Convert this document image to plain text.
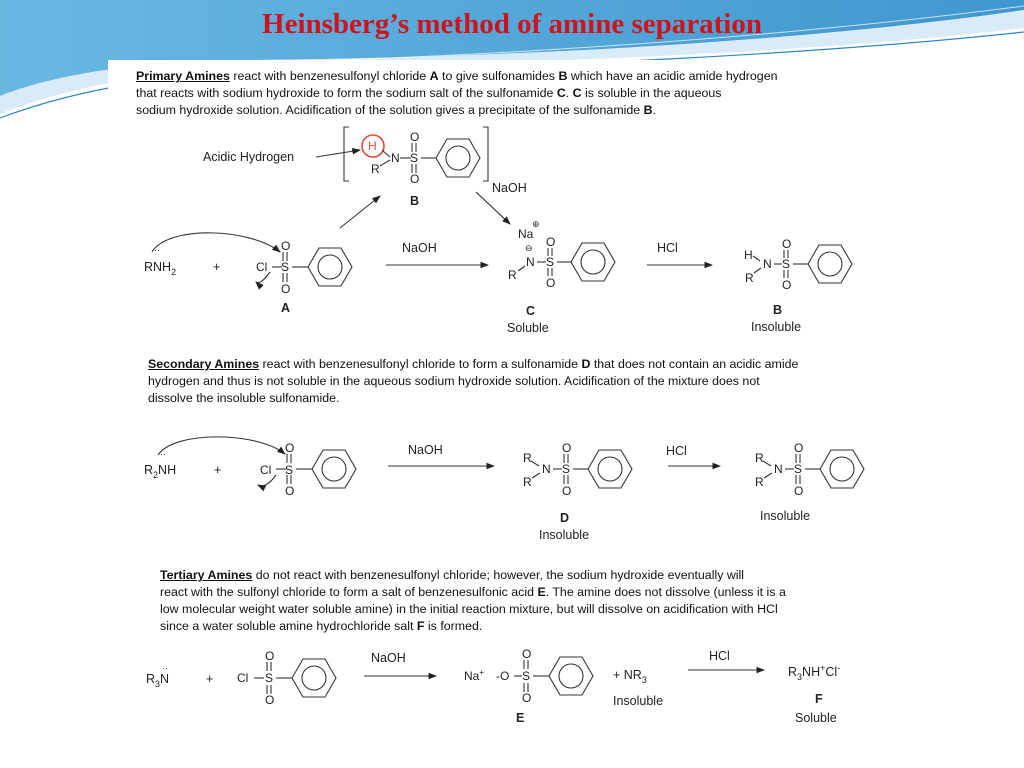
Heinsberg’s method of amine separation
Primary Amines react with benzenesulfonyl chloride A to give sulfonamides B which have an acidic amide hydrogen
that reacts with sodium hydroxide to form the sodium salt of the sulfonamide C. C is soluble in the aqueous
sodium hydroxide solution. Acidification of the solution gives a precipitate of the sulfonamide B.
Secondary Amines react with benzenesulfonyl chloride to form a sulfonamide D that does not contain an acidic amide
hydrogen and thus is not soluble in the aqueous sodium hydroxide solution. Acidification of the mixture does not
dissolve the insoluble sulfonamide.
Tertiary Amines do not react with benzenesulfonyl chloride; however, the sodium hydroxide eventually will
react with the sulfonyl chloride to form a salt of benzenesulfonic acid E. The amine does not dissolve (unless it is a
low molecular weight water soluble amine) in the initial reaction mixture, but will dissolve on acidification with HCl
since a water soluble amine hydrochloride salt F is formed.
Acidic Hydrogen
H
N
R
S
O
O
B
NaOH
··
$RNH_2$	+	Cl S
O
O
A
NaOH
⊕
Na
⊖
N
R
S
O
O
C
Soluble
HCl	H
N
R
S
O
O
B
Insoluble
··
$R_2NH$	+	Cl S
O
O
NaOH
R
R
N S
O
O
D
Insoluble
HCl	R
R
N S
O
O
Insoluble
··
$R_3N$	+ Cl S
O
O
NaOH
Na+ -O S
O
O
E
+ $NR_3$
Insoluble
HCl
$R_3NH^+Cl^-$
F
Soluble
